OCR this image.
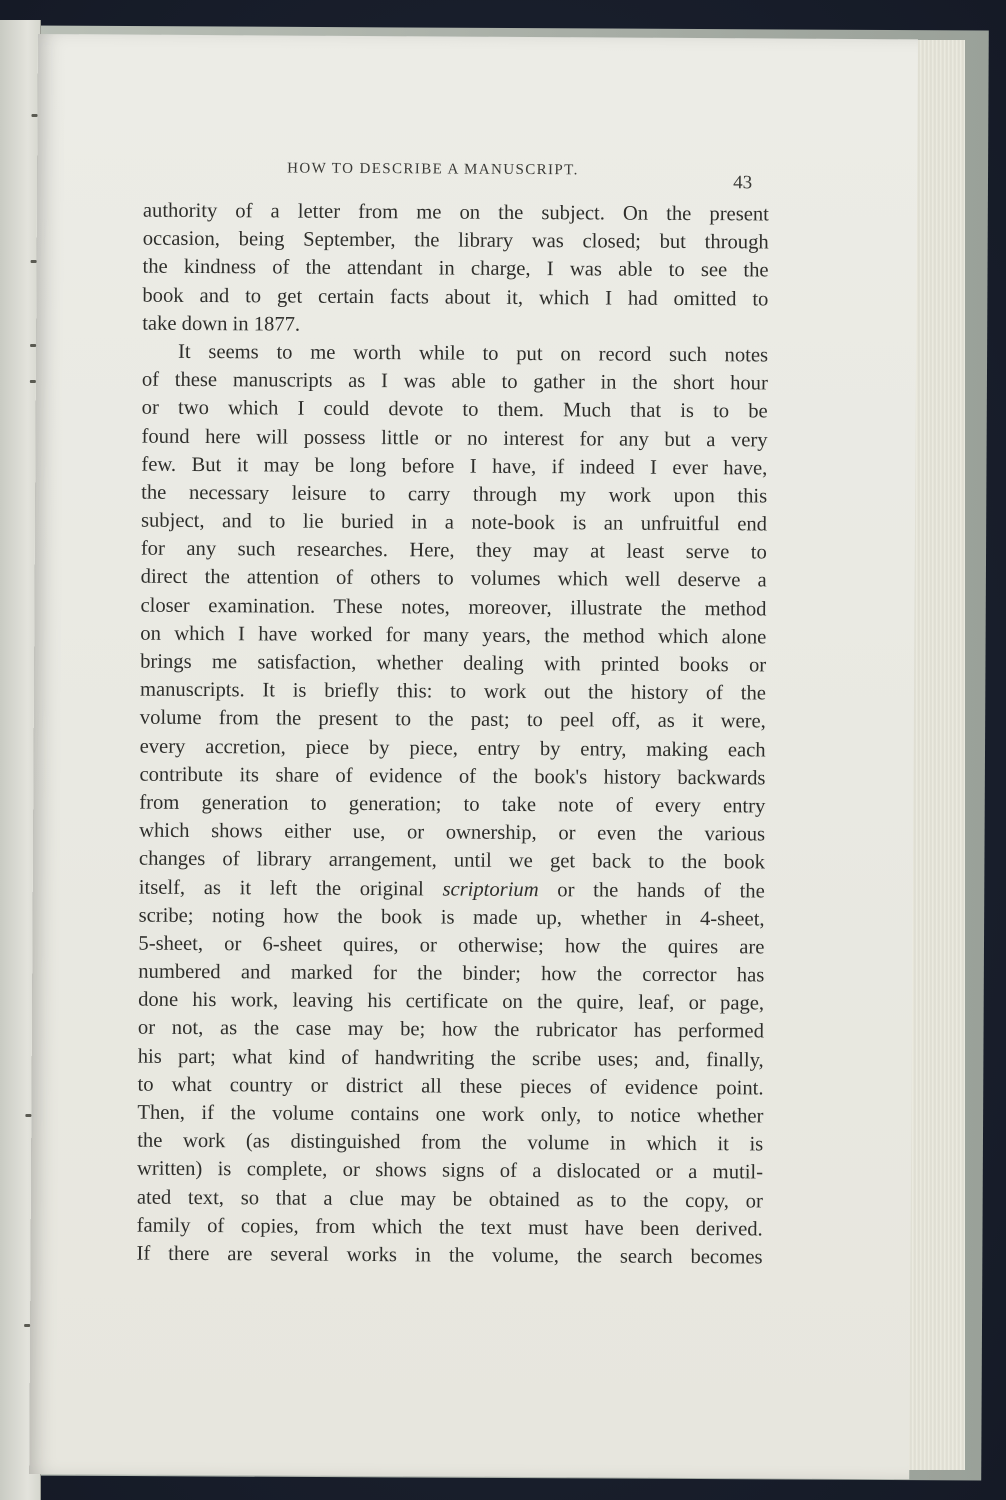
HOW TO DESCRIBE A MANUSCRIPT.
43
authority of a letter from me on the subject. On the present
occasion, being September, the library was closed; but through
the kindness of the attendant in charge, I was able to see the
book and to get certain facts about it, which I had omitted to
take down in 1877.
It seems to me worth while to put on record such notes
of these manuscripts as I was able to gather in the short hour
or two which I could devote to them. Much that is to be
found here will possess little or no interest for any but a very
few. But it may be long before I have, if indeed I ever have,
the necessary leisure to carry through my work upon this
subject, and to lie buried in a note-book is an unfruitful end
for any such researches. Here, they may at least serve to
direct the attention of others to volumes which well deserve a
closer examination. These notes, moreover, illustrate the method
on which I have worked for many years, the method which alone
brings me satisfaction, whether dealing with printed books or
manuscripts. It is briefly this: to work out the history of the
volume from the present to the past; to peel off, as it were,
every accretion, piece by piece, entry by entry, making each
contribute its share of evidence of the book's history backwards
from generation to generation; to take note of every entry
which shows either use, or ownership, or even the various
changes of library arrangement, until we get back to the book
itself, as it left the original scriptorium or the hands of the
scribe; noting how the book is made up, whether in 4-sheet,
5-sheet, or 6-sheet quires, or otherwise; how the quires are
numbered and marked for the binder; how the corrector has
done his work, leaving his certificate on the quire, leaf, or page,
or not, as the case may be; how the rubricator has performed
his part; what kind of handwriting the scribe uses; and, finally,
to what country or district all these pieces of evidence point.
Then, if the volume contains one work only, to notice whether
the work (as distinguished from the volume in which it is
written) is complete, or shows signs of a dislocated or a mutil-
ated text, so that a clue may be obtained as to the copy, or
family of copies, from which the text must have been derived.
If there are several works in the volume, the search becomes
